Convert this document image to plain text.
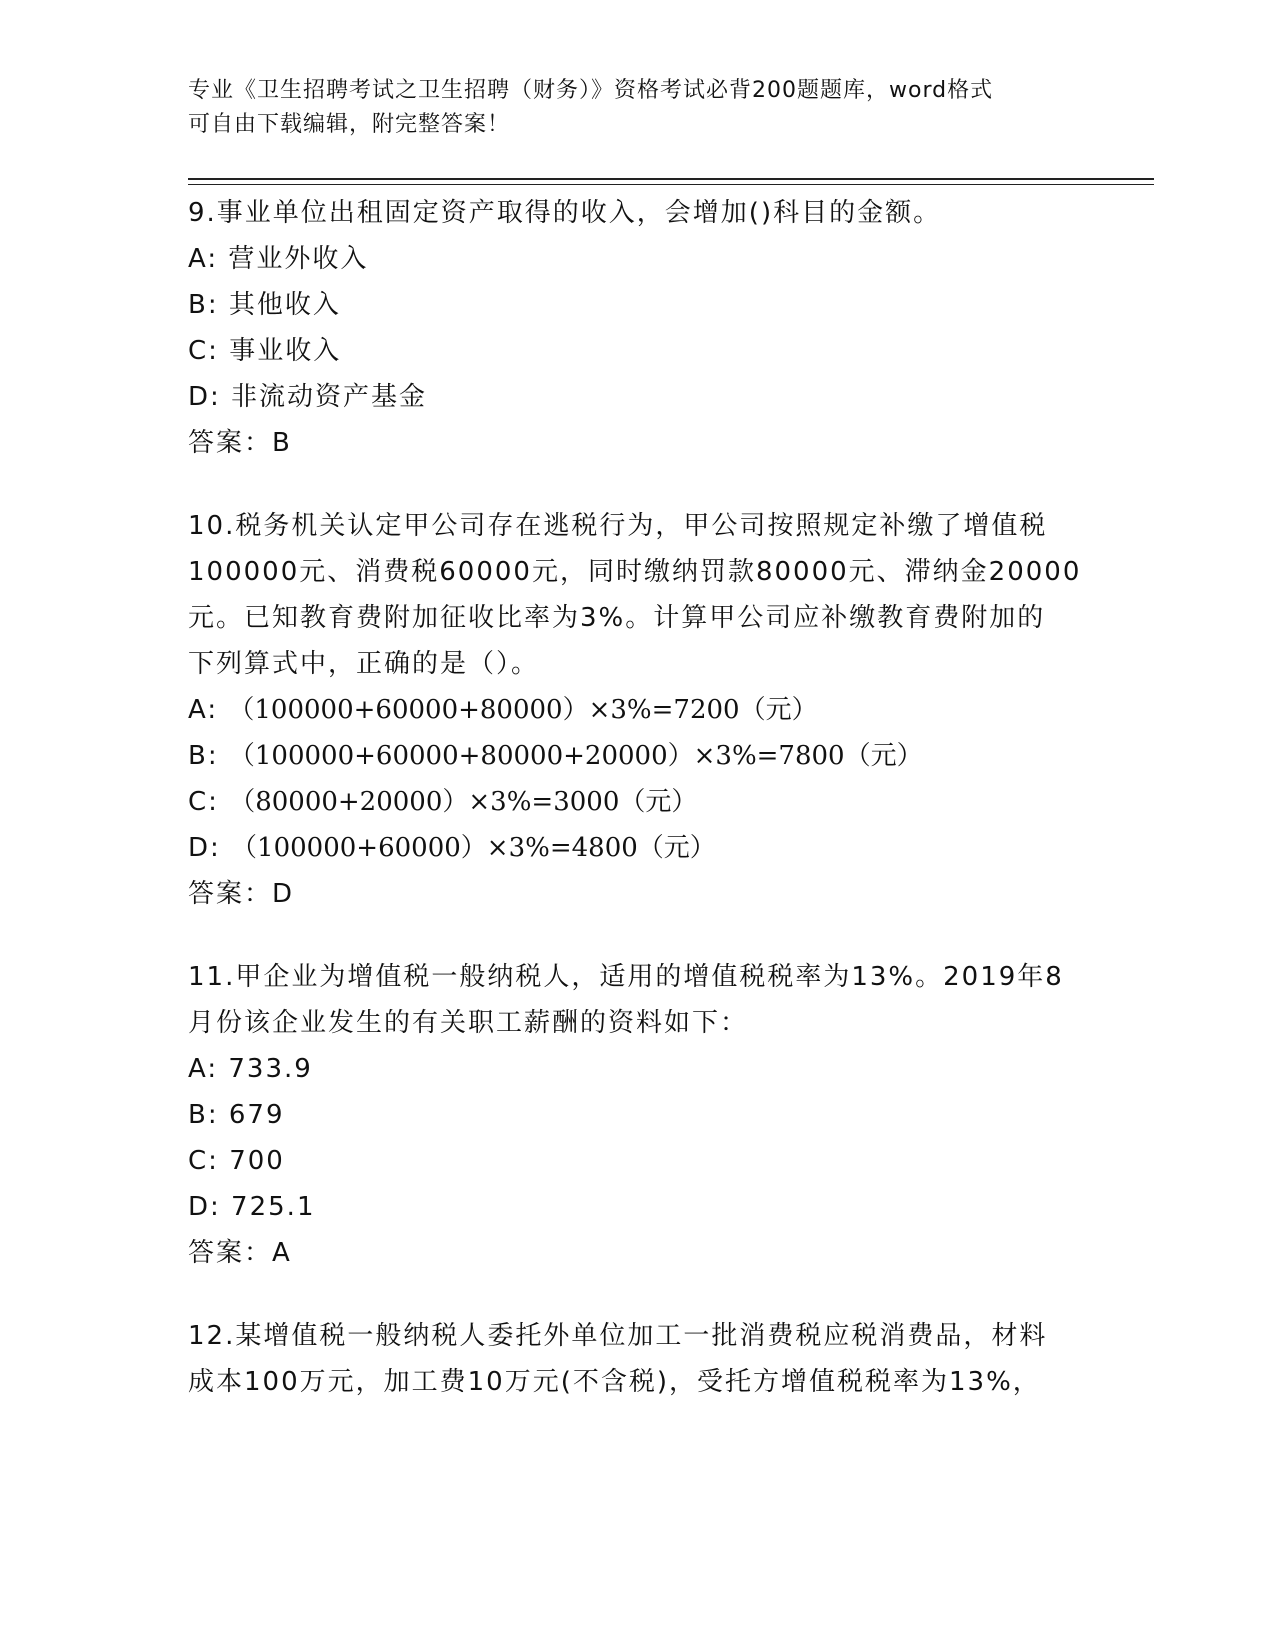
专业《卫生招聘考试之卫生招聘（财务）》资格考试必背200题题库，word格式
可自由下载编辑，附完整答案！
9.事业单位出租固定资产取得的收入，会增加()科目的金额。
A: 营业外收入
B: 其他收入
C: 事业收入
D: 非流动资产基金
答案：B
10.税务机关认定甲公司存在逃税行为，甲公司按照规定补缴了增值税
100000元、消费税60000元，同时缴纳罚款80000元、滞纳金20000
元。已知教育费附加征收比率为3%。计算甲公司应补缴教育费附加的
下列算式中，正确的是（）。
A: （100000+60000+80000）×3%=7200（元）
B: （100000+60000+80000+20000）×3%=7800（元）
C: （80000+20000）×3%=3000（元）
D: （100000+60000）×3%=4800（元）
答案：D
11.甲企业为增值税一般纳税人，适用的增值税税率为13%。2019年8
月份该企业发生的有关职工薪酬的资料如下：
A: 733.9
B: 679
C: 700
D: 725.1
答案：A
12.某增值税一般纳税人委托外单位加工一批消费税应税消费品，材料
成本100万元，加工费10万元(不含税)，受托方增值税税率为13%，
